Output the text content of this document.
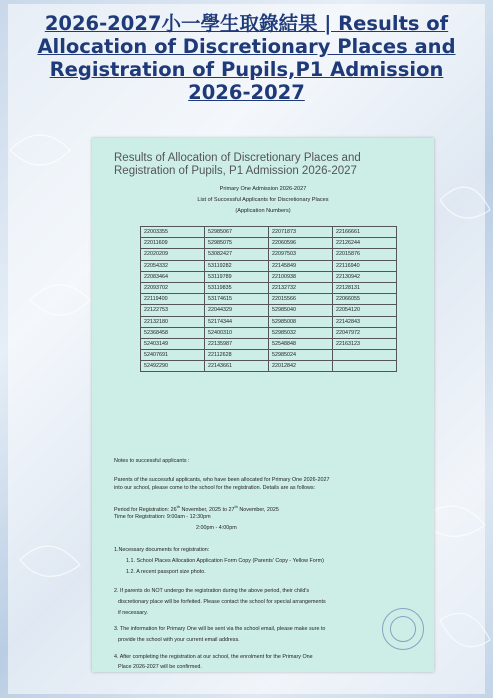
2026-2027小一學生取錄結果 | Results of Allocation of Discretionary Places and Registration of Pupils,P1 Admission 2026-2027
Results of Allocation of Discretionary Places and
Registration of Pupils, P1 Admission 2026-2027
Primary One Admission 2026-2027
List of Successful Applicants for Discretionary Places
(Application Numbers)
22003355	52985067	22071873	22166661
22011609	52985075	22060596	22126244
22020209	53082427	22097503	22015876
22054332	53119282	22145849	22116940
22083464	53119789	22100938	22130942
22093702	53119835	22132732	22128131
22119400	53174615	22015566	22066055
22122753	22044329	52985040	22054120
22132180	52174344	52985008	22142843
52368458	52400310	52985032	22047972
52403149	22135987	52548848	22163123
52407691	22112628	52985024	
52492290	22143661	22012842	
Notes to successful applicants :
Parents of the successful applicants, who have been allocated for Primary One 2026-2027
into our school, please come to the school for the registration. Details are as follows:
Period for Registration: 26th November, 2025 to 27th November, 2025
Time for Registration: 9:00am - 12:30pm
2:00pm - 4:00pm
1.Necessary documents for registration:
1.1. School Places Allocation Application Form Copy (Parents' Copy - Yellow Form)
1.2. A recent passport size photo.
2. If parents do NOT undergo the registration during the above period, their child's
discretionary place will be forfeited. Please contact the school for special arrangements
if necessary.
3. The information for Primary One will be sent via the school email, please make sure to
provide the school with your current email address.
4. After completing the registration at our school, the enrolment for the Primary One
Place 2026-2027 will be confirmed.
